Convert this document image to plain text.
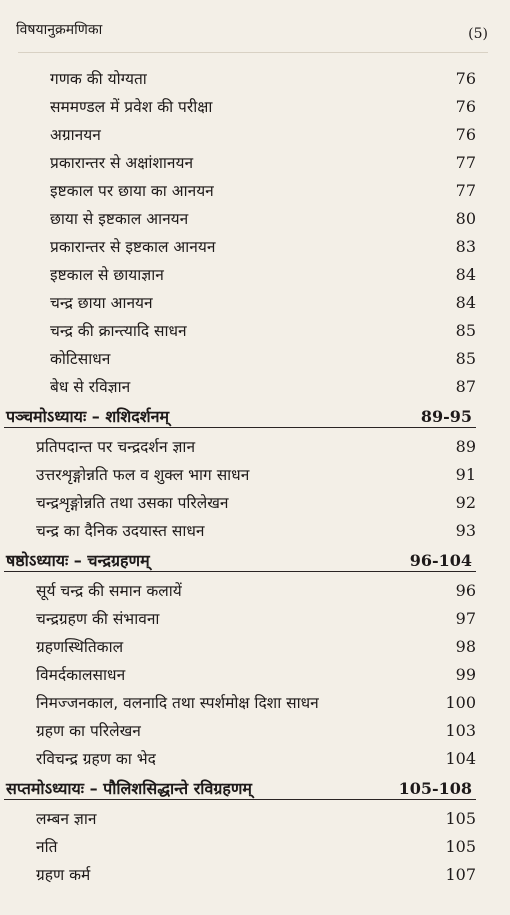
विषयानुक्रमणिका	(5)
गणक की योग्यता	76
सममण्डल में प्रवेश की परीक्षा	76
अग्रानयन	76
प्रकारान्तर से अक्षांशानयन	77
इष्टकाल पर छाया का आनयन	77
छाया से इष्टकाल आनयन	80
प्रकारान्तर से इष्टकाल आनयन	83
इष्टकाल से छायाज्ञान	84
चन्द्र छाया आनयन	84
चन्द्र की क्रान्त्यादि साधन	85
कोटिसाधन	85
बेध से रविज्ञान	87
पञ्चमोऽध्यायः – शशिदर्शनम्	89-95
प्रतिपदान्त पर चन्द्रदर्शन ज्ञान	89
उत्तरशृङ्गोन्नति फल व शुक्ल भाग साधन	91
चन्द्रशृङ्गोन्नति तथा उसका परिलेखन	92
चन्द्र का दैनिक उदयास्त साधन	93
षष्ठोऽध्यायः – चन्द्रग्रहणम्	96-104
सूर्य चन्द्र की समान कलायें	96
चन्द्रग्रहण की संभावना	97
ग्रहणस्थितिकाल	98
विमर्दकालसाधन	99
निमज्जनकाल, वलनादि तथा स्पर्शमोक्ष दिशा साधन	100
ग्रहण का परिलेखन	103
रविचन्द्र ग्रहण का भेद	104
सप्तमोऽध्यायः – पौलिशसिद्धान्ते रविग्रहणम्	105-108
लम्बन ज्ञान	105
नति	105
ग्रहण कर्म	107
